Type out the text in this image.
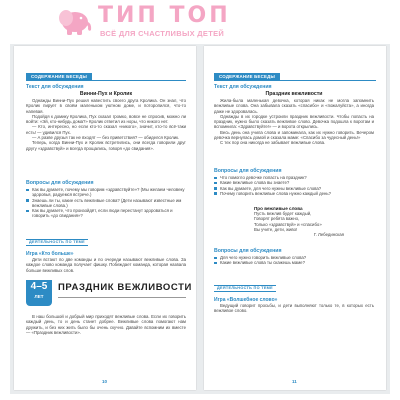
ТИП ТОП
ВСЁ ДЛЯ СЧАСТЛИВЫХ ДЕТЕЙ
СОДЕРЖАНИЕ БЕСЕДЫ
Текст для обсуждения
Винни-Пух и Кролик

Однажды Винни-Пух решил навестить своего друга Кролика. Он знал, что Кролик пирует в своём маленьком уютном доме, и поторопился, что-то напевая.

Подойдя к домику Кролика, Пух сказал громко, вовсе не спросив, можно ли войти: «Эй, кто-нибудь дома?» Кролик ответил из норы, что никого нет.

— Кто, интересно, но если кто-то сказал «никого», значит, кто-то всё-таки есть! — удивился Пух.

— А разве друзья так не входят — без приветствия? — обиделся Кролик.

Теперь, когда Винни-Пух и Кролик встретились, они всегда говорили друг другу «здравствуй» и всегда прощались, говоря «до свидания».

Вопросы для обсуждения
Как вы думаете, почему мы говорим «здравствуйте»? (Мы желаем человеку здоровья, радуемся встрече.)
Знаешь ли ты, какие есть вежливые слова? (Дети называют известные им вежливые слова.)
Как вы думаете, что произойдёт, если люди перестанут здороваться и говорить «до свидания»?
ДЕЯТЕЛЬНОСТЬ ПО ТЕМЕ
Игра «Кто больше»

Дети встают по две команды и по очереди называют вежливые слова. За каждое слово команда получает фишку. Побеждает команда, которая назвала больше вежливых слов.

4–5
ЛЕТ
ПРАЗДНИК ВЕЖЛИВОСТИ

В наш большой и добрый мир приходят вежливые слова. Если их говорить каждый день, то и день станет добрее. Вежливые слова помогают нам дружить, и без них жить было бы очень скучно. Давайте вспомним их вместе — «Праздник вежливости».

10
СОДЕРЖАНИЕ БЕСЕДЫ
Текст для обсуждения
Праздник вежливости

Жила-была маленькая девочка, которая никак не могла запомнить вежливые слова. Она забывала сказать «спасибо» и «пожалуйста», а иногда даже не здоровалась.

Однажды в их городке устроили праздник вежливости. Чтобы попасть на праздник, нужно было сказать вежливое слово. Девочка подошла к воротам и вспомнила: «Здравствуйте!» — и ворота открылись.

Весь день она учила слова и запоминала, как их нужно говорить. Вечером девочка вернулась домой и сказала маме: «Спасибо за чудесный день!»

С тех пор она никогда не забывает вежливые слова.

Вопросы для обсуждения
Что помогло девочке попасть на праздник?
Какие вежливые слова вы знаете?
Как вы думаете, для чего нужны вежливые слова?
Почему говорить вежливые слова нужно каждый день?
Про вежливые слова
Пусть вежлив будет каждый,
Говорят ребята важно,
Только «здравствуй» и «спасибо»
Вы учите, дети, живо!
Г. Лебединская
Вопросы для обсуждения
Для чего нужно говорить вежливые слова?
Какие вежливые слова ты скажешь маме?
ДЕЯТЕЛЬНОСТЬ ПО ТЕМЕ
Игра «Волшебное слово»

Ведущий говорит просьбы, и дети выполняют только те, в которых есть вежливое слово.

11
